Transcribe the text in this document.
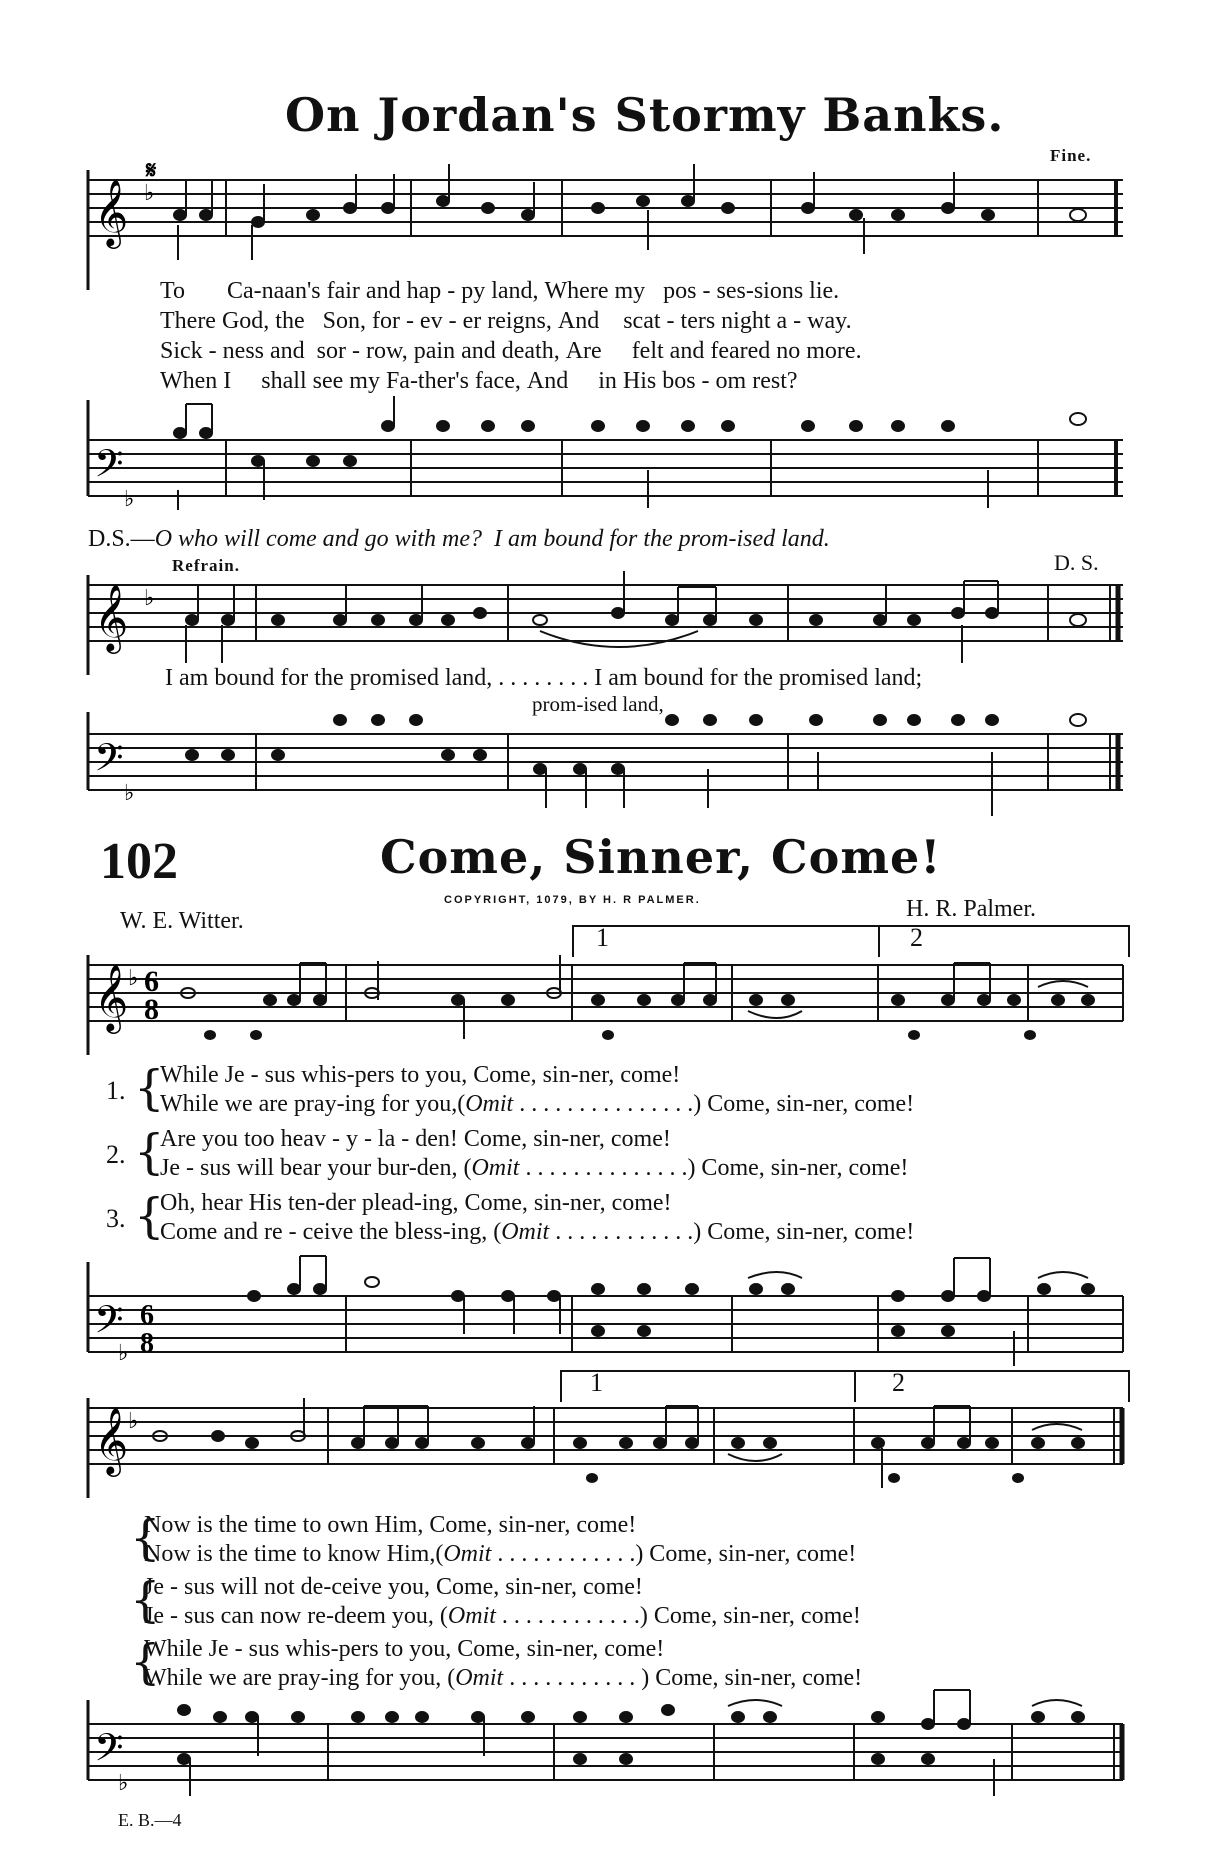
On Jordan's Stormy Banks.
Fine.
𝄞 ♭
𝄋
To Ca-naan's fair and hap - py land, Where my   pos - ses-sions lie.
There God, the Son, for - ev - er reigns, And scat - ters night a - way.
Sick - ness and sor - row, pain and death, Are felt and feared no more.
When I shall see my Fa-ther's face, And in His bos - om rest?
𝄢
♭
D.S.—O who will come and go with me? I am bound for the prom-ised land.
Refrain.	D. S.
𝄞 ♭
I am bound for the promised land, . . . . . . . . I am bound for the promised land;
prom-ised land,
𝄢
♭
102	Come, Sinner, Come!
COPYRIGHT, 1079, BY H. R PALMER.
W. E. Witter.	H. R. Palmer.
1	2
𝄞 ♭ 6
8
1. {
While Je - sus whis-pers to you, Come, sin-ner, come!
While we are pray-ing for you,(Omit . . . . . . . . . . . . . . .) Come, sin-ner, come!
2. {
Are you too heav - y - la - den! Come, sin-ner, come!
Je - sus will bear your bur-den, (Omit . . . . . . . . . . . . . .) Come, sin-ner, come!
3. {
Oh, hear His ten-der plead-ing, Come, sin-ner, come!
Come and re - ceive the bless-ing, (Omit . . . . . . . . . . . .) Come, sin-ner, come!
𝄢
♭
6
8
1	2
𝄞 ♭
{
Now is the time to own Him, Come, sin-ner, come!
Now is the time to know Him,(Omit . . . . . . . . . . . .) Come, sin-ner, come!
{
Je - sus will not de-ceive you, Come, sin-ner, come!
Je - sus can now re-deem you, (Omit . . . . . . . . . . . .) Come, sin-ner, come!
{
While Je - sus whis-pers to you, Come, sin-ner, come!
While we are pray-ing for you, (Omit . . . . . . . . . . . ) Come, sin-ner, come!
𝄢
♭
E. B.—4
